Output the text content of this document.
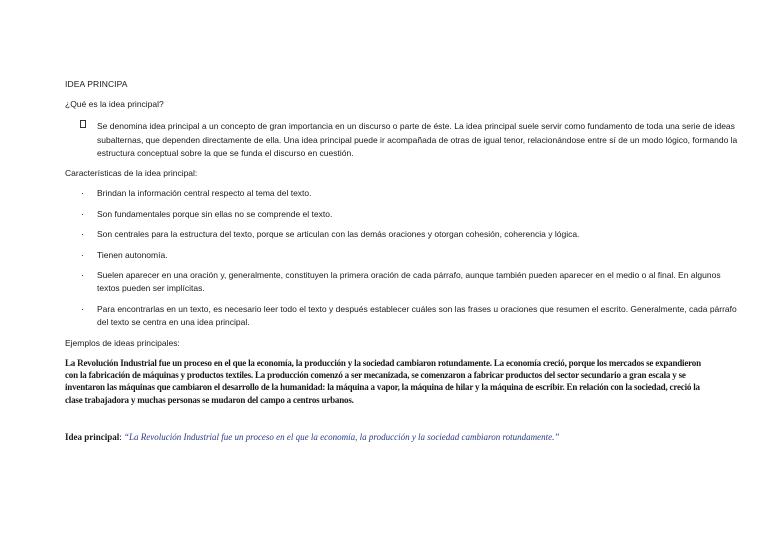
IDEA PRINCIPA
¿Qué es la idea principal?
Se denomina idea principal a un concepto de gran importancia en un discurso o parte de éste. La idea principal suele servir como fundamento de toda una serie de ideas subalternas, que dependen directamente de ella. Una idea principal puede ir acompañada de otras de igual tenor, relacionándose entre sí de un modo lógico, formando la estructura conceptual sobre la que se funda el discurso en cuestión.
Características de la idea principal:
· Brindan la información central respecto al tema del texto.
· Son fundamentales porque sin ellas no se comprende el texto.
· Son centrales para la estructura del texto, porque se articulan con las demás oraciones y otorgan cohesión, coherencia y lógica.
· Tienen autonomía.
· Suelen aparecer en una oración y, generalmente, constituyen la primera oración de cada párrafo, aunque también pueden aparecer en el medio o al final. En algunos textos pueden ser implícitas.
· Para encontrarlas en un texto, es necesario leer todo el texto y después establecer cuáles son las frases u oraciones que resumen el escrito. Generalmente, cada párrafo del texto se centra en una idea principal.
Ejemplos de ideas principales:

La Revolución Industrial fue un proceso en el que la economía, la producción y la sociedad cambiaron rotundamente. La economía creció, porque los mercados se expandieron con la fabricación de máquinas y productos textiles. La producción comenzó a ser mecanizada, se comenzaron a fabricar productos del sector secundario a gran escala y se inventaron las máquinas que cambiaron el desarrollo de la humanidad: la máquina a vapor, la máquina de hilar y la máquina de escribir. En relación con la sociedad, creció la clase trabajadora y muchas personas se mudaron del campo a centros urbanos.

Idea principal: “La Revolución Industrial fue un proceso en el que la economía, la producción y la sociedad cambiaron rotundamente.”
